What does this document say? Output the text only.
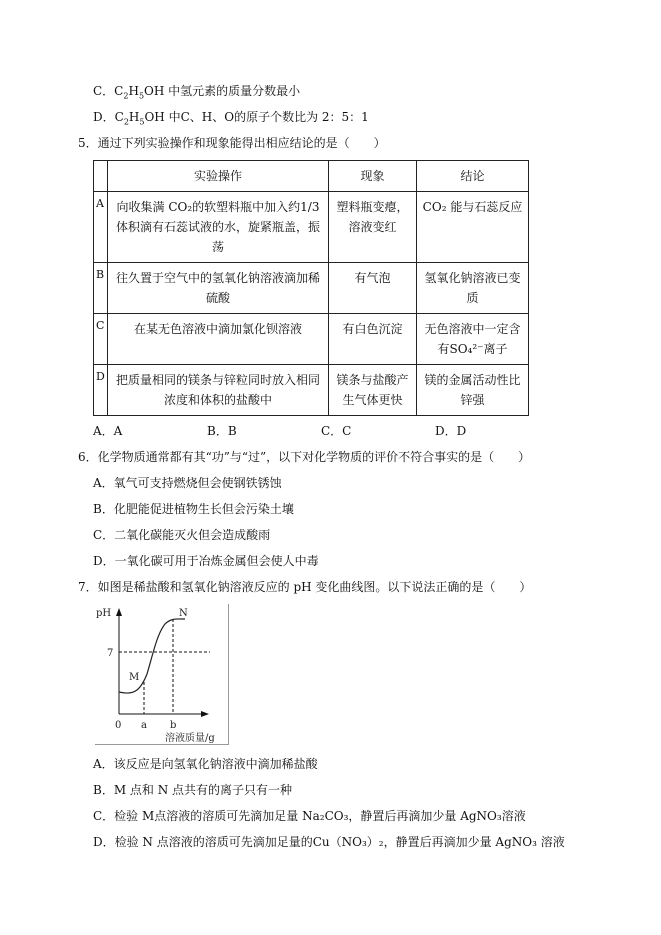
C．$C_2H_5OH$ 中氢元素的质量分数最小
D．$C_2H_5OH$ 中C、H、O的原子个数比为 2：5：1
5．通过下列实验操作和现象能得出相应结论的是（　　）
	实验操作	现象	结论
A	向收集满 CO₂的软塑料瓶中加入约1/3体积滴有石蕊试液的水，旋紧瓶盖，振荡	塑料瓶变瘪，溶液变红	CO₂ 能与石蕊反应
B	往久置于空气中的氢氧化钠溶液滴加稀硫酸	有气泡	氢氧化钠溶液已变质
C	在某无色溶液中滴加氯化钡溶液	有白色沉淀	无色溶液中一定含有SO₄²⁻离子
D	把质量相同的镁条与锌粒同时放入相同浓度和体积的盐酸中	镁条与盐酸产生气体更快	镁的金属活动性比锌强
A．A	B．B	C．C	D．D
6．化学物质通常都有其“功”与“过”，以下对化学物质的评价不符合事实的是（　　）
A．氧气可支持燃烧但会使钢铁锈蚀
B．化肥能促进植物生长但会污染土壤
C．二氧化碳能灭火但会造成酸雨
D．一氧化碳可用于冶炼金属但会使人中毒
7．如图是稀盐酸和氢氧化钠溶液反应的 pH 变化曲线图。以下说法正确的是（　　）
pH
7
M
N
0 a b
溶液质量/g
A．该反应是向氢氧化钠溶液中滴加稀盐酸
B．M 点和 N 点共有的离子只有一种
C．检验 M点溶液的溶质可先滴加足量 Na₂CO₃，静置后再滴加少量 AgNO₃溶液
D．检验 N 点溶液的溶质可先滴加足量的Cu（NO₃）₂，静置后再滴加少量 AgNO₃ 溶液
